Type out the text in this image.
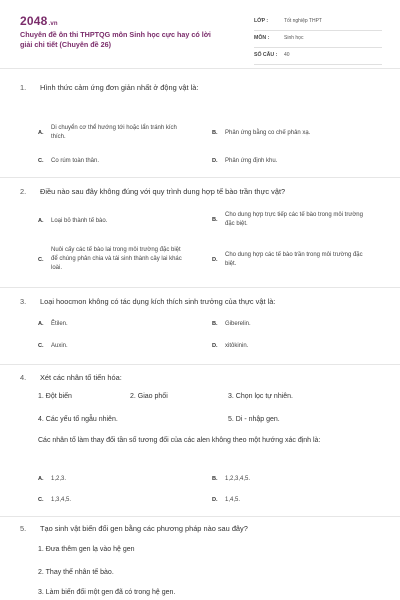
2048.vn
Chuyên đề ôn thi THPTQG môn Sinh học cực hay có lời giải chi tiết (Chuyên đề 26)
LỚP :	Tốt nghiệp THPT
MÔN :	Sinh học
SỐ CÂU : 40
1. Hình thức cảm ứng đơn giản nhất ở động vật là:
A.
Di chuyển cơ thể hướng tới hoặc lẩn tránh kích thích.
B. Phản ứng bằng co chế phản xạ.
C. Co rúm toàn thân.	D. Phản ứng định khu.
2. Điều nào sau đây không đúng với quy trình dung hợp tế bào trần thực vật?
A. Loại bỏ thành tế bào.	B.
Cho dung hợp trực tiếp các tế bào trong môi trường đặc biệt.
C.
Nuôi cấy các tế bào lai trong môi trường đặc biệt để chúng phân chia và tái sinh thành cây lai khác loài.
D.
Cho dung hợp các tế bào trần trong môi trường đặc biệt.
3. Loại hoocmon không có tác dụng kích thích sinh trưởng của thực vật là:
A. Êtilen.	B. Giberelin.
C. Auxin.	D. xitôkinin.
4. Xét các nhân tố tiến hóa:
1. Đột biến	2. Giao phối	3. Chọn lọc tự nhiên.
4. Các yếu tố ngẫu nhiên.	5. Di - nhập gen.
Các nhân tố làm thay đổi tần số tương đối của các alen không theo một hướng xác định là:
A. 1,2,3.	B. 1,2,3,4,5.
C. 1,3,4,5.	D. 1,4,5.
5. Tạo sinh vật biến đổi gen bằng các phương pháp nào sau đây?
1. Đưa thêm gen lạ vào hệ gen
2. Thay thế nhân tế bào.
3. Làm biến đổi một gen đã có trong hệ gen.
